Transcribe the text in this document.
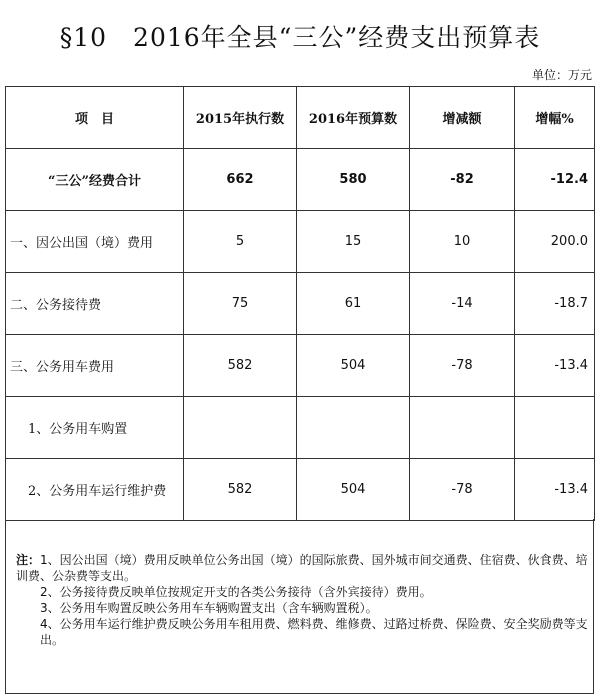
§10　2016年全县“三公”经费支出预算表
单位：万元
项　目	2015年执行数	2016年预算数	增减额	增幅%
“三公”经费合计	662	580	-82	-12.4
一、因公出国（境）费用	5	15	10	200.0
二、公务接待费	75	61	-14	-18.7
三、公务用车费用	582	504	-78	-13.4
1、公务用车购置				
2、公务用车运行维护费	582	504	-78	-13.4

注：1、因公出国（境）费用反映单位公务出国（境）的国际旅费、国外城市间交通费、住宿费、伙食费、培训费、公杂费等支出。

2、公务接待费反映单位按规定开支的各类公务接待（含外宾接待）费用。

3、公务用车购置反映公务用车车辆购置支出（含车辆购置税）。

4、公务用车运行维护费反映公务用车租用费、燃料费、维修费、过路过桥费、保险费、安全奖励费等支出。
